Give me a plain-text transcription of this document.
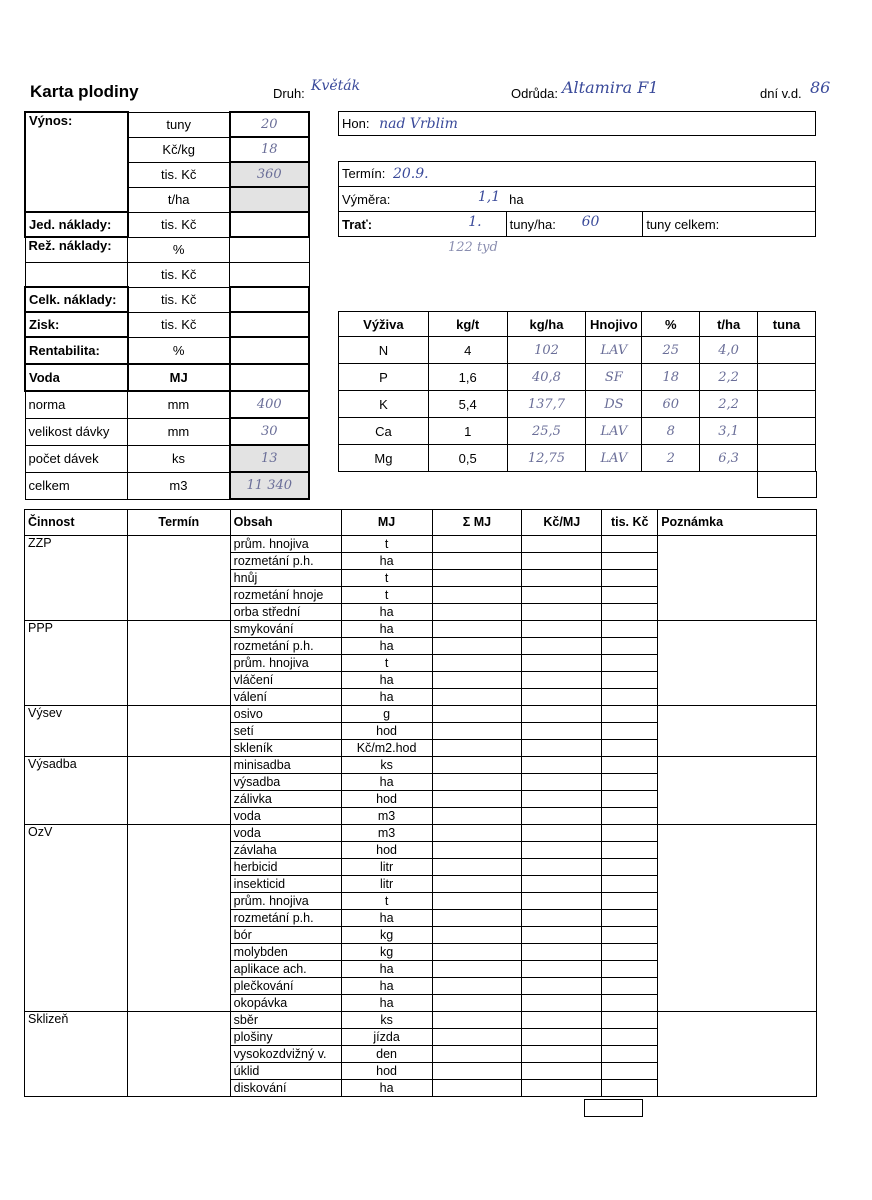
Karta plodiny	Druh: Květák	Odrůda: Altamira F1	dní v.d. 86
Výnos:	tuny	20
	Kč/kg	18
	tis. Kč	360
	t/ha	
Jed. náklady:	tis. Kč	
Rež. náklady:	%	
	tis. Kč	
Celk. náklady:	tis. Kč	
Zisk:	tis. Kč	
Rentabilita:	%	
Voda	MJ	
norma	mm	400
velikost dávky	mm	30
počet dávek	ks	13
celkem	m3	11 340
Hon: nad Vrblim
Termín: 20.9.		
Výměra: 1,1	ha	
Trať: 1.	tuny/ha: 60	tuny celkem:
122 tyd
Výživa	kg/t	kg/ha	Hnojivo	%	t/ha	tuna
N	4	102	LAV	25	4,0	
P	1,6	40,8	SF	18	2,2	
K	5,4	137,7	DS	60	2,2	
Ca	1	25,5	LAV	8	3,1	
Mg	0,5	12,75	LAV	2	6,3	
Činnost	Termín	Obsah	MJ	Σ MJ	Kč/MJ	tis. Kč	Poznámka
ZZP		prům. hnojiva	t				
		rozmetání p.h.	ha				
		hnůj	t				
		rozmetání hnoje	t				
		orba střední	ha				
PPP		smykování	ha				
		rozmetání p.h.	ha				
		prům. hnojiva	t				
		vláčení	ha				
		válení	ha				
Výsev		osivo	g				
		setí	hod				
		skleník	Kč/m2.hod				
Výsadba		minisadba	ks				
		výsadba	ha				
		zálivka	hod				
		voda	m3				
OzV		voda	m3				
		závlaha	hod				
		herbicid	litr				
		insekticid	litr				
		prům. hnojiva	t				
		rozmetání p.h.	ha				
		bór	kg				
		molybden	kg				
		aplikace ach.	ha				
		plečkování	ha				
		okopávka	ha				
Sklizeň		sběr	ks				
		plošiny	jízda				
		vysokozdvižný v.	den				
		úklid	hod				
		diskování	ha				
